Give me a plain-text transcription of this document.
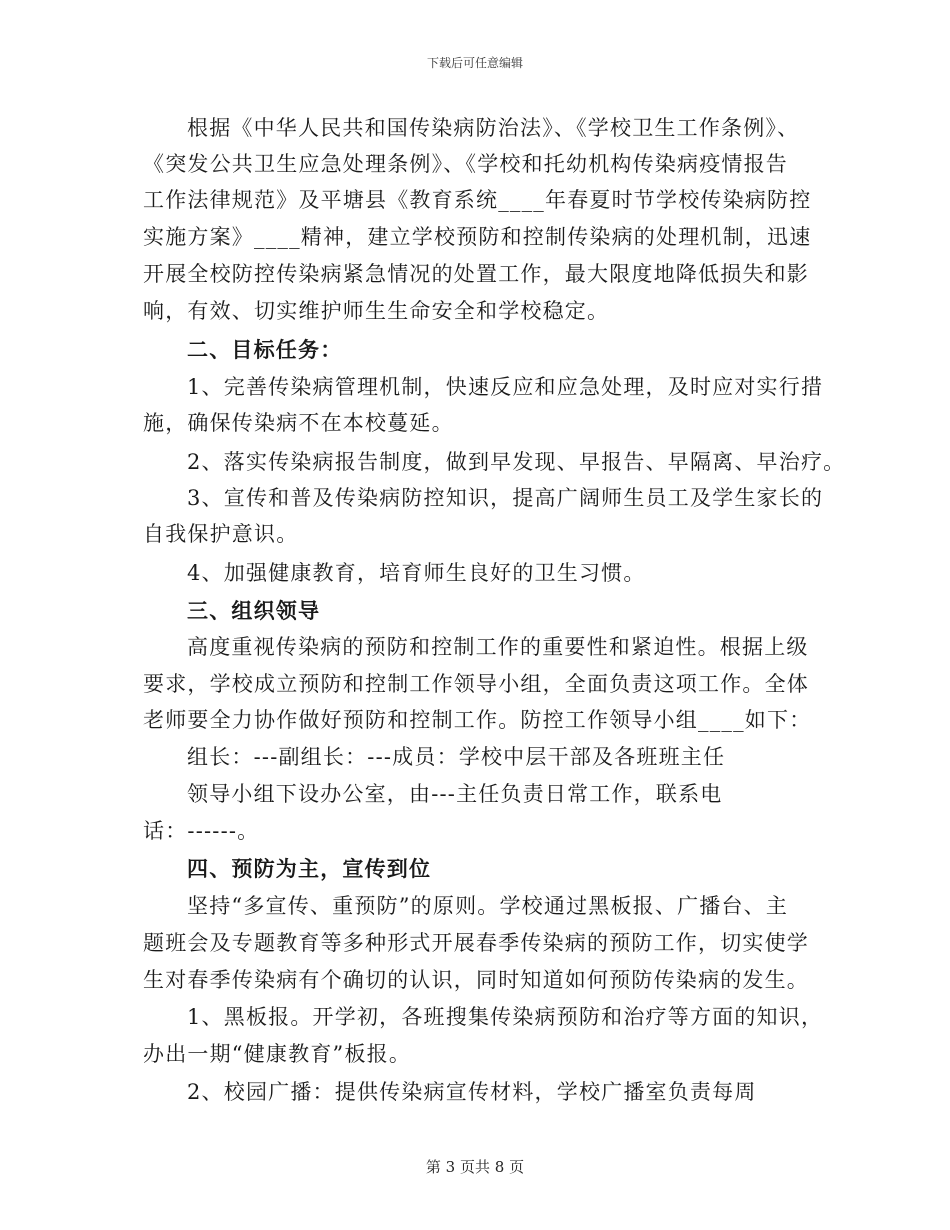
下载后可任意编辑
根据《中华人民共和国传染病防治法》、《学校卫生工作条例》、
《突发公共卫生应急处理条例》、《学校和托幼机构传染病疫情报告
工作法律规范》及平塘县《教育系统____年春夏时节学校传染病防控
实施方案》____精神，建立学校预防和控制传染病的处理机制，迅速
开展全校防控传染病紧急情况的处置工作，最大限度地降低损失和影
响，有效、切实维护师生生命安全和学校稳定。
二、目标任务：
1、完善传染病管理机制，快速反应和应急处理，及时应对实行措
施，确保传染病不在本校蔓延。
2、落实传染病报告制度，做到早发现、早报告、早隔离、早治疗。
3、宣传和普及传染病防控知识，提高广阔师生员工及学生家长的
自我保护意识。
4、加强健康教育，培育师生良好的卫生习惯。
三、组织领导
高度重视传染病的预防和控制工作的重要性和紧迫性。根据上级
要求，学校成立预防和控制工作领导小组，全面负责这项工作。全体
老师要全力协作做好预防和控制工作。防控工作领导小组____如下：
组长：---副组长：---成员：学校中层干部及各班班主任
领导小组下设办公室，由---主任负责日常工作，联系电
话：------。
四、预防为主，宣传到位
坚持“多宣传、重预防”的原则。学校通过黑板报、广播台、主
题班会及专题教育等多种形式开展春季传染病的预防工作，切实使学
生对春季传染病有个确切的认识，同时知道如何预防传染病的发生。
1、黑板报。开学初，各班搜集传染病预防和治疗等方面的知识，
办出一期“健康教育”板报。
2、校园广播：提供传染病宣传材料，学校广播室负责每周
第 3 页共 8 页
